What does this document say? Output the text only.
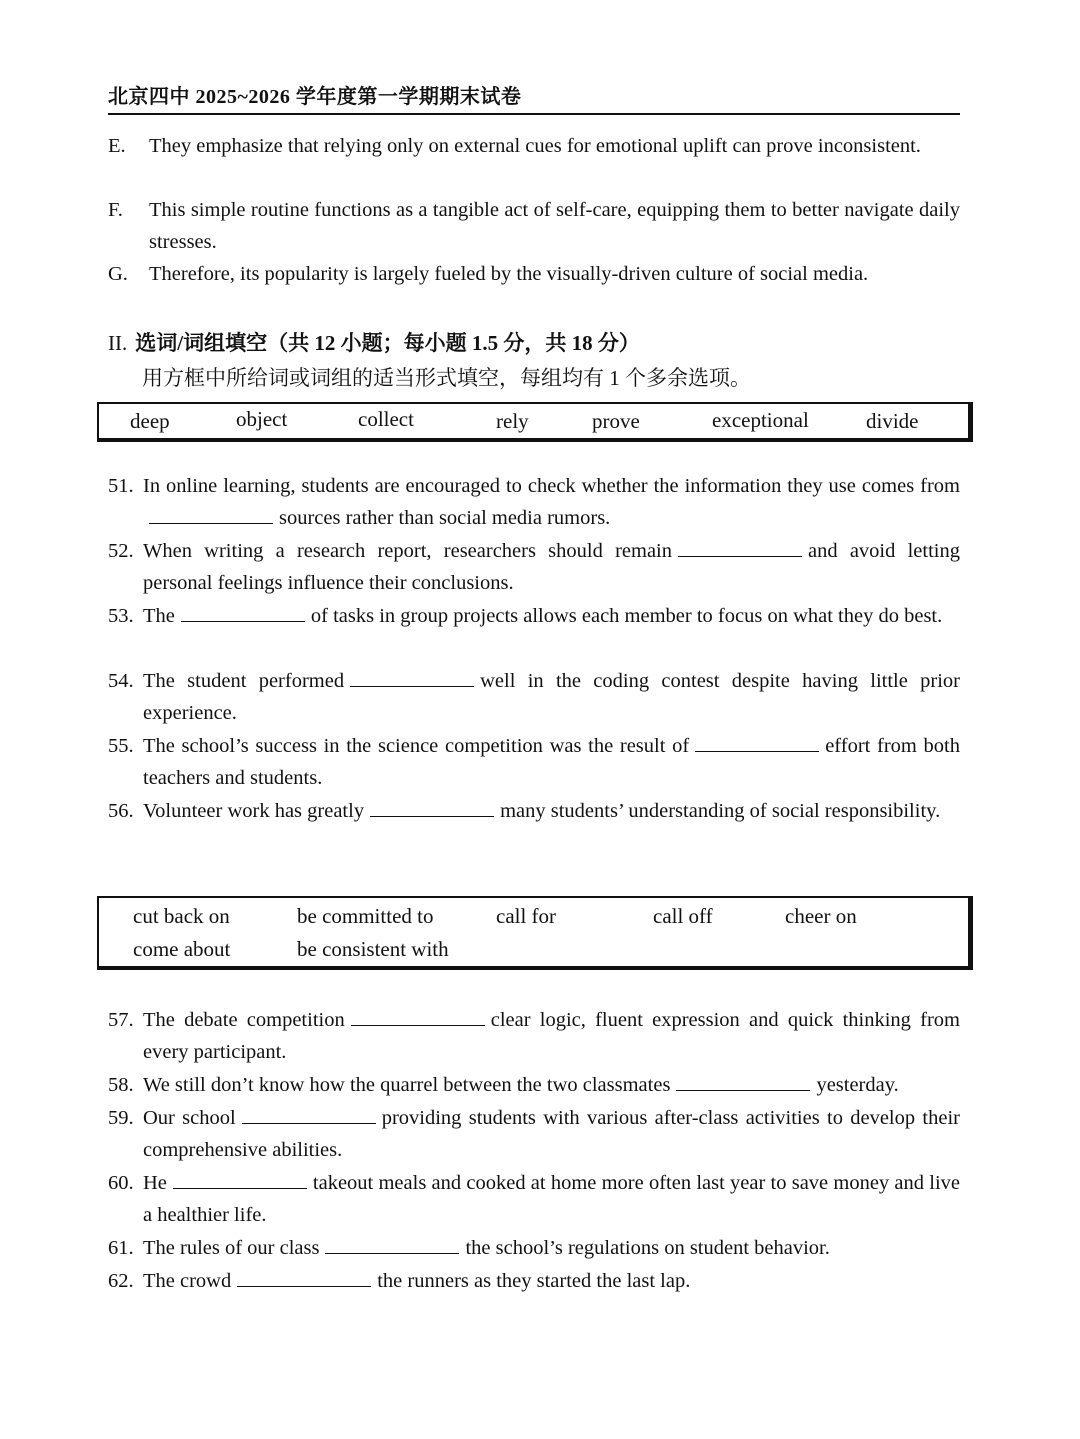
北京四中 2025~2026 学年度第一学期期末试卷
E.	They emphasize that relying only on external cues for emotional uplift can prove inconsistent.
F.	This simple routine functions as a tangible act of self-care, equipping them to better navigate daily stresses.
G.	Therefore, its popularity is largely fueled by the visually-driven culture of social media.
II. 选词/词组填空（共 12 小题；每小题 1.5 分，共 18 分）
用方框中所给词或词组的适当形式填空，每组均有 1 个多余选项。
deep	object	collect	rely	prove	exceptional	divide
51. In online learning, students are encouraged to check whether the information they use comes fromsources rather than social media rumors.
52. When writing a research report, researchers should remain	and avoid letting personal feelings influence their conclusions.
53. The	of tasks in group projects allows each member to focus on what they do best.
54. The student performed	well in the coding contest despite having little prior experience.
55. The school’s success in the science competition was the result of	effort from both teachers and students.
56. Volunteer work has greatly	many students’ understanding of social responsibility.
cut back on	be committed to	call for	call off	cheer on
come about	be consistent with
57. The debate competition	clear logic, fluent expression and quick thinking from every participant.
58. We still don’t know how the quarrel between the two classmates	yesterday.
59. Our school	providing students with various after-class activities to develop their comprehensive abilities.
60. He	takeout meals and cooked at home more often last year to save money and live a healthier life.
61. The rules of our class	the school’s regulations on student behavior.
62. The crowd	the runners as they started the last lap.
